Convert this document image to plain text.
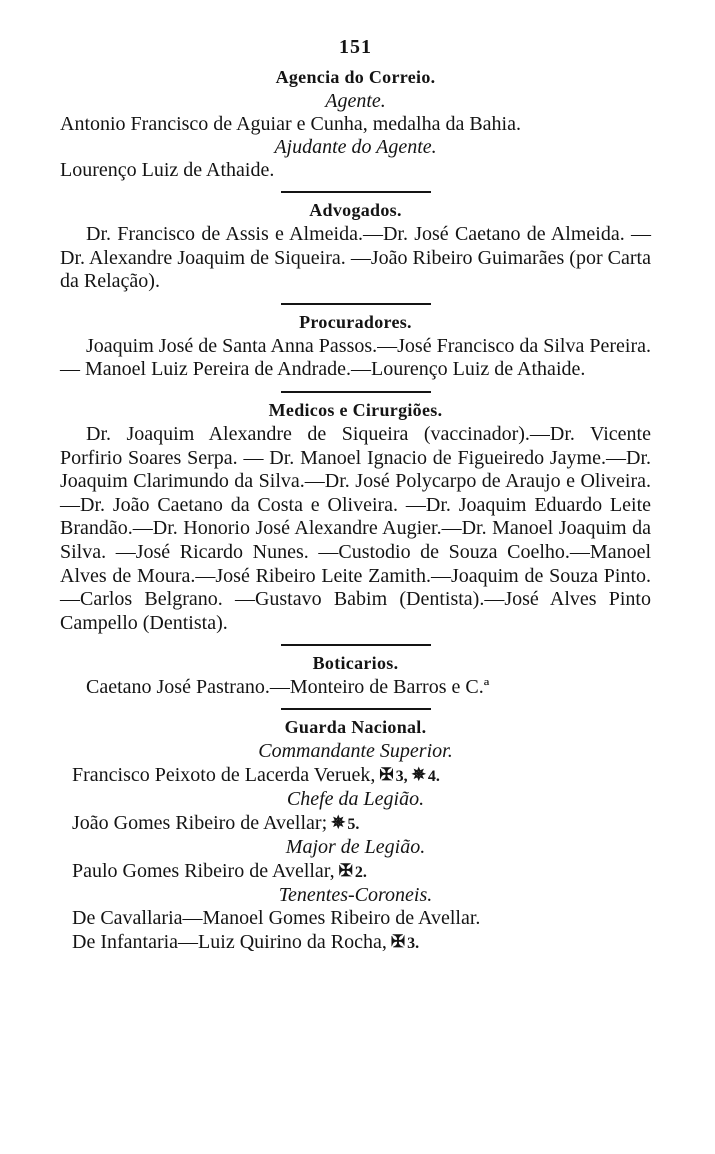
151
Agencia do Correio.
Agente.
Antonio Francisco de Aguiar e Cunha, medalha da Bahia.
Ajudante do Agente.
Lourenço Luiz de Athaide.
Advogados.

Dr. Francisco de Assis e Almeida.—Dr. José Caetano de Almeida. — Dr. Alexandre Joaquim de Siqueira. —João Ribeiro Guimarães (por Carta da Relação).

Procuradores.

Joaquim José de Santa Anna Passos.—José Francisco da Silva Pereira. — Manoel Luiz Pereira de Andrade.—Lourenço Luiz de Athaide.

Medicos e Cirurgiões.

Dr. Joaquim Alexandre de Siqueira (vaccinador).—Dr. Vicente Porfirio Soares Serpa. — Dr. Manoel Ignacio de Figueiredo Jayme.—Dr. Joaquim Clarimundo da Silva.—Dr. José Polycarpo de Araujo e Oliveira. —Dr. João Caetano da Costa e Oliveira. —Dr. Joaquim Eduardo Leite Brandão.—Dr. Honorio José Alexandre Augier.—Dr. Manoel Joaquim da Silva. —José Ricardo Nunes. —Custodio de Souza Coelho.—Manoel Alves de Moura.—José Ribeiro Leite Zamith.—Joaquim de Souza Pinto.—Carlos Belgrano. —Gustavo Babim (Dentista).—José Alves Pinto Campello (Dentista).

Boticarios.
Caetano José Pastrano.—Monteiro de Barros e C.ª
Guarda Nacional.
Commandante Superior.
Francisco Peixoto de Lacerda Veruek, ✠ 3, ✵ 4.
Chefe da Legião.
João Gomes Ribeiro de Avellar; ✵ 5.
Major de Legião.
Paulo Gomes Ribeiro de Avellar, ✠ 2.
Tenentes-Coroneis.
De Cavallaria—Manoel Gomes Ribeiro de Avellar.
De Infantaria—Luiz Quirino da Rocha, ✠ 3.
